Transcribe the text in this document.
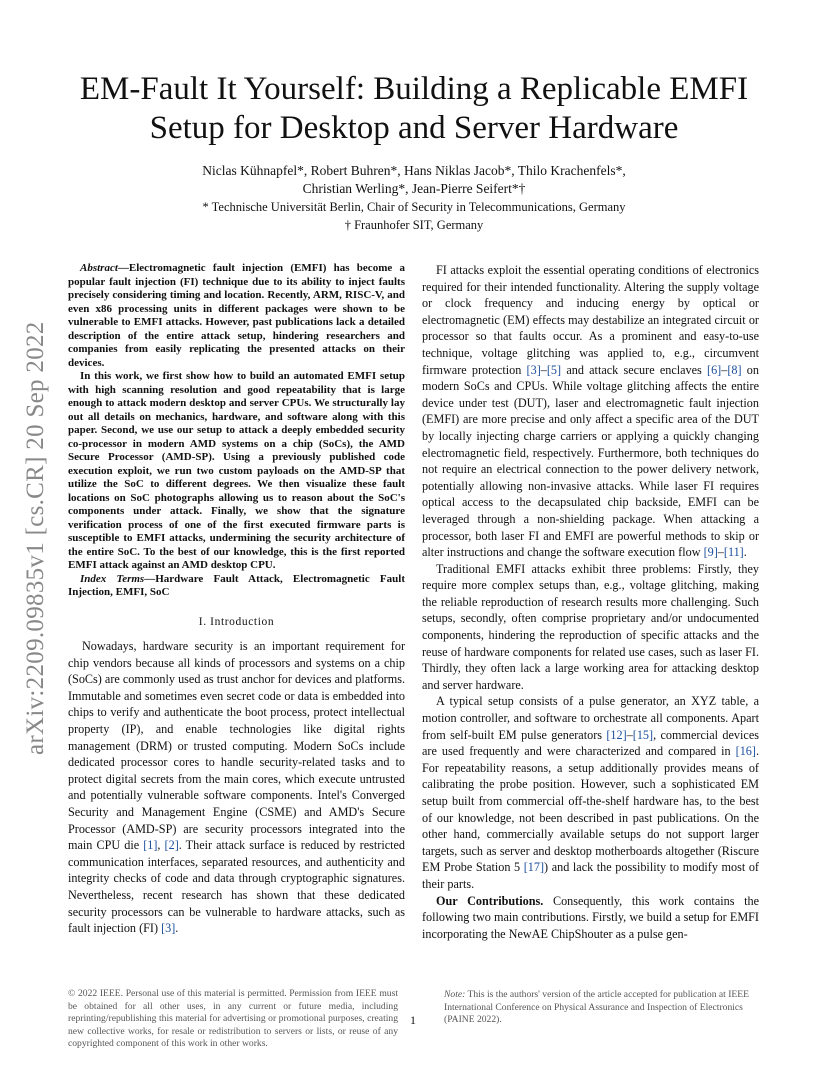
EM-Fault It Yourself: Building a Replicable EMFI
Setup for Desktop and Server Hardware
Niclas Kühnapfel*, Robert Buhren*, Hans Niklas Jacob*, Thilo Krachenfels*,
Christian Werling*, Jean-Pierre Seifert*†
* Technische Universität Berlin, Chair of Security in Telecommunications, Germany
† Fraunhofer SIT, Germany
arXiv:2209.09835v1 [cs.CR] 20 Sep 2022

Abstract—Electromagnetic fault injection (EMFI) has become a popular fault injection (FI) technique due to its ability to inject faults precisely considering timing and location. Recently, ARM, RISC-V, and even x86 processing units in different packages were shown to be vulnerable to EMFI attacks. However, past publications lack a detailed description of the entire attack setup, hindering researchers and companies from easily replicating the presented attacks on their devices.

In this work, we first show how to build an automated EMFI setup with high scanning resolution and good repeatability that is large enough to attack modern desktop and server CPUs. We structurally lay out all details on mechanics, hardware, and software along with this paper. Second, we use our setup to attack a deeply embedded security co-processor in modern AMD systems on a chip (SoCs), the AMD Secure Processor (AMD-SP). Using a previously published code execution exploit, we run two custom payloads on the AMD-SP that utilize the SoC to different degrees. We then visualize these fault locations on SoC photographs allowing us to reason about the SoC's components under attack. Finally, we show that the signature verification process of one of the first executed firmware parts is susceptible to EMFI attacks, undermining the security architecture of the entire SoC. To the best of our knowledge, this is the first reported EMFI attack against an AMD desktop CPU.

Index Terms—Hardware Fault Attack, Electromagnetic Fault Injection, EMFI, SoC

I. Introduction

Nowadays, hardware security is an important requirement for chip vendors because all kinds of processors and systems on a chip (SoCs) are commonly used as trust anchor for devices and platforms. Immutable and sometimes even secret code or data is embedded into chips to verify and authenticate the boot process, protect intellectual property (IP), and enable technologies like digital rights management (DRM) or trusted computing. Modern SoCs include dedicated processor cores to handle security-related tasks and to protect digital secrets from the main cores, which execute untrusted and potentially vulnerable software components. Intel's Converged Security and Management Engine (CSME) and AMD's Secure Processor (AMD-SP) are security processors integrated into the main CPU die [1], [2]. Their attack surface is reduced by restricted communication interfaces, separated resources, and authenticity and integrity checks of code and data through cryptographic signatures. Nevertheless, recent research has shown that these dedicated security processors can be vulnerable to hardware attacks, such as fault injection (FI) [3].

FI attacks exploit the essential operating conditions of electronics required for their intended functionality. Altering the supply voltage or clock frequency and inducing energy by optical or electromagnetic (EM) effects may destabilize an integrated circuit or processor so that faults occur. As a prominent and easy-to-use technique, voltage glitching was applied to, e.g., circumvent firmware protection [3]–[5] and attack secure enclaves [6]–[8] on modern SoCs and CPUs. While voltage glitching affects the entire device under test (DUT), laser and electromagnetic fault injection (EMFI) are more precise and only affect a specific area of the DUT by locally injecting charge carriers or applying a quickly changing electromagnetic field, respectively. Furthermore, both techniques do not require an electrical connection to the power delivery network, potentially allowing non-invasive attacks. While laser FI requires optical access to the decapsulated chip backside, EMFI can be leveraged through a non-shielding package. When attacking a processor, both laser FI and EMFI are powerful methods to skip or alter instructions and change the software execution flow [9]–[11].

Traditional EMFI attacks exhibit three problems: Firstly, they require more complex setups than, e.g., voltage glitching, making the reliable reproduction of research results more challenging. Such setups, secondly, often comprise proprietary and/or undocumented components, hindering the reproduction of specific attacks and the reuse of hardware components for related use cases, such as laser FI. Thirdly, they often lack a large working area for attacking desktop and server hardware.

A typical setup consists of a pulse generator, an XYZ table, a motion controller, and software to orchestrate all components. Apart from self-built EM pulse generators [12]–[15], commercial devices are used frequently and were characterized and compared in [16]. For repeatability reasons, a setup additionally provides means of calibrating the probe position. However, such a sophisticated EM setup built from commercial off-the-shelf hardware has, to the best of our knowledge, not been described in past publications. On the other hand, commercially available setups do not support larger targets, such as server and desktop motherboards altogether (Riscure EM Probe Station 5 [17]) and lack the possibility to modify most of their parts.

Our Contributions. Consequently, this work contains the following two main contributions. Firstly, we build a setup for EMFI incorporating the NewAE ChipShouter as a pulse gen-

© 2022 IEEE. Personal use of this material is permitted. Permission from IEEE must be obtained for all other uses, in any current or future media, including reprinting/republishing this material for advertising or promotional purposes, creating new collective works, for resale or redistribution to servers or lists, or reuse of any copyrighted component of this work in other works.
1
Note: This is the authors' version of the article accepted for publication at IEEE International Conference on Physical Assurance and Inspection of Electronics (PAINE 2022).
